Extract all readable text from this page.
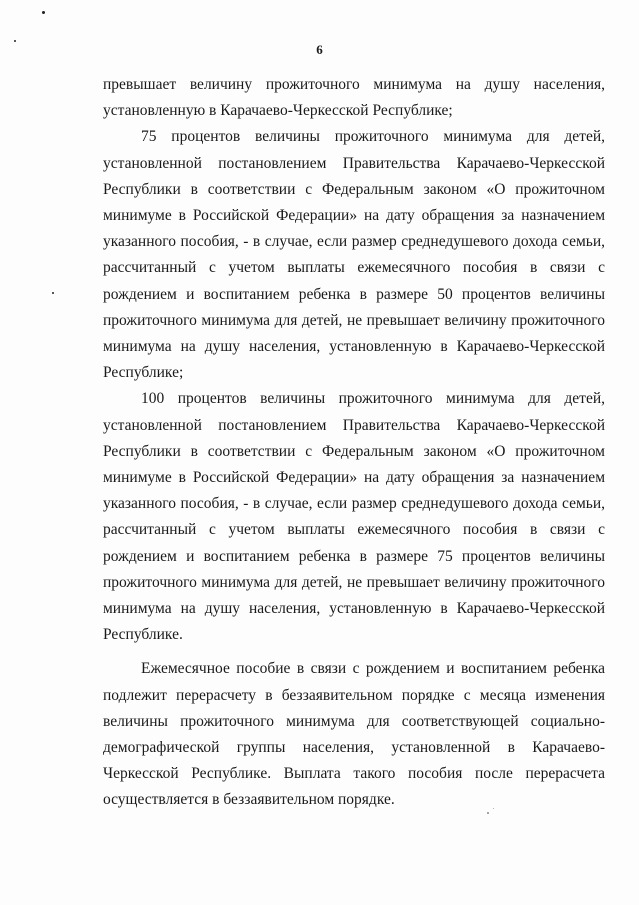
6

превышает величину прожиточного минимума на душу населения, установленную в Карачаево-Черкесской Республике;

75 процентов величины прожиточного минимума для детей, установленной постановлением Правительства Карачаево-Черкесской Республики в соответствии с Федеральным законом «О прожиточном минимуме в Российской Федерации» на дату обращения за назначением указанного пособия, - в случае, если размер среднедушевого дохода семьи, рассчитанный с учетом выплаты ежемесячного пособия в связи с рождением и воспитанием ребенка в размере 50 процентов величины прожиточного минимума для детей, не превышает величину прожиточного минимума на душу населения, установленную в Карачаево-Черкесской Республике;

100 процентов величины прожиточного минимума для детей, установленной постановлением Правительства Карачаево-Черкесской Республики в соответствии с Федеральным законом «О прожиточном минимуме в Российской Федерации» на дату обращения за назначением указанного пособия, - в случае, если размер среднедушевого дохода семьи, рассчитанный с учетом выплаты ежемесячного пособия в связи с рождением и воспитанием ребенка в размере 75 процентов величины прожиточного минимума для детей, не превышает величину прожиточного минимума на душу населения, установленную в Карачаево-Черкесской Республике.

Ежемесячное пособие в связи с рождением и воспитанием ребенка подлежит перерасчету в беззаявительном порядке с месяца изменения величины прожиточного минимума для соответствующей социально-демографической группы населения, установленной в Карачаево-Черкесской Республике. Выплата такого пособия после перерасчета осуществляется в беззаявительном порядке.
